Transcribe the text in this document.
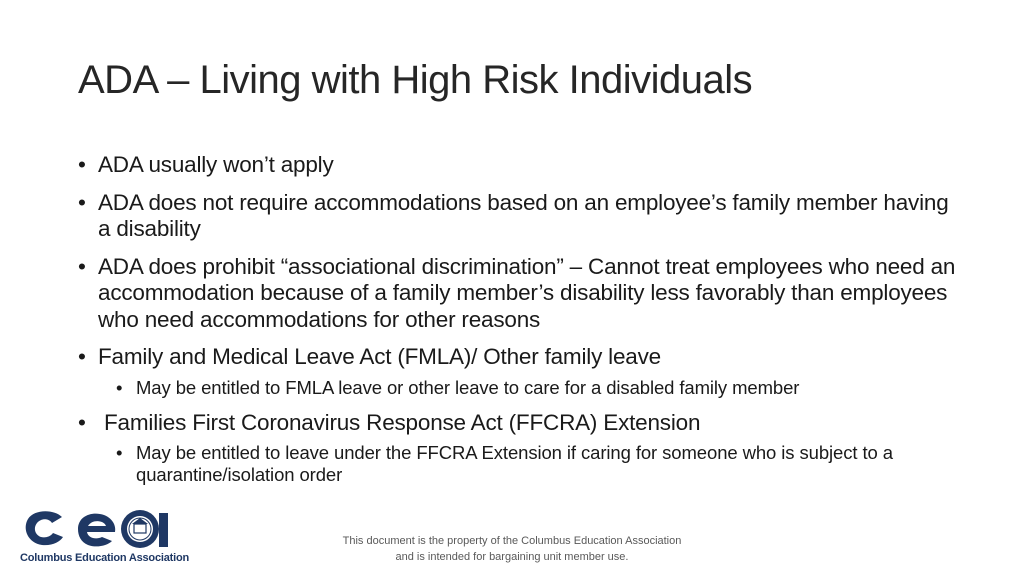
ADA – Living with High Risk Individuals
• ADA usually won’t apply
• ADA does not require accommodations based on an employee’s family member having a disability
• ADA does prohibit “associational discrimination” – Cannot treat employees who need an accommodation because of a family member’s disability less favorably than employees who need accommodations for other reasons
• Family and Medical Leave Act (FMLA)/ Other family leave
• May be entitled to FMLA leave or other leave to care for a disabled family member
• Families First Coronavirus Response Act (FFCRA) Extension
• May be entitled to leave under the FFCRA Extension if caring for someone who is subject to a quarantine/isolation order
Columbus Education Association
This document is the property of the Columbus Education Association and is intended for bargaining unit member use.
